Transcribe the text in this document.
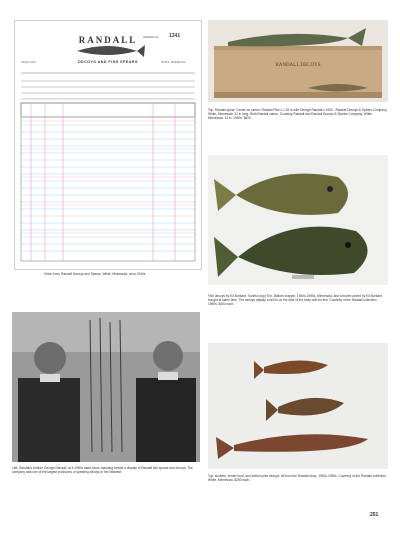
RANDALL
DECOYS AND FISH SPEARS
ORDER No. 1341
SINCE 1920	WHITE, MINNESOTA
Order form, Randall Decoys and Spears, White, Minnesota, circa 1940s.
RANDALL DECOYS
Top: Randall spear. Center on carton: Randall Pike c 1.25 in with George Randall c.1950 - Randall Decoys & Spears Company, White, Minnesota. 12 in long. Both Randall carton. Courtesy Randall and Randall Decoys & Spears Company, White, Minnesota. 12 in. 1950s. $600.
Fish decoys by Ed Burkard. Sunfish (top) 8 in. Bottom crappie, 1940s-1950s, Minnesota, and a fourth carved by Ed Burkard bought at same time. The decoys display a tail fin on the side of the body with tin fins. Courtesy of the Randall collection. 1950s. $400 each.
Left, Randall's brother George Randall, at a 1950s trade show, standing beside a display of Randall fish spears and decoys. The company was one of the largest producers of spearing decoys in the Midwest.
Top: suckers, center trout, and bottom pike decoys. All from the Randall shop, 1940s-1950s. Courtesy of the Randall collection, White, Minnesota. $250 each.
251
